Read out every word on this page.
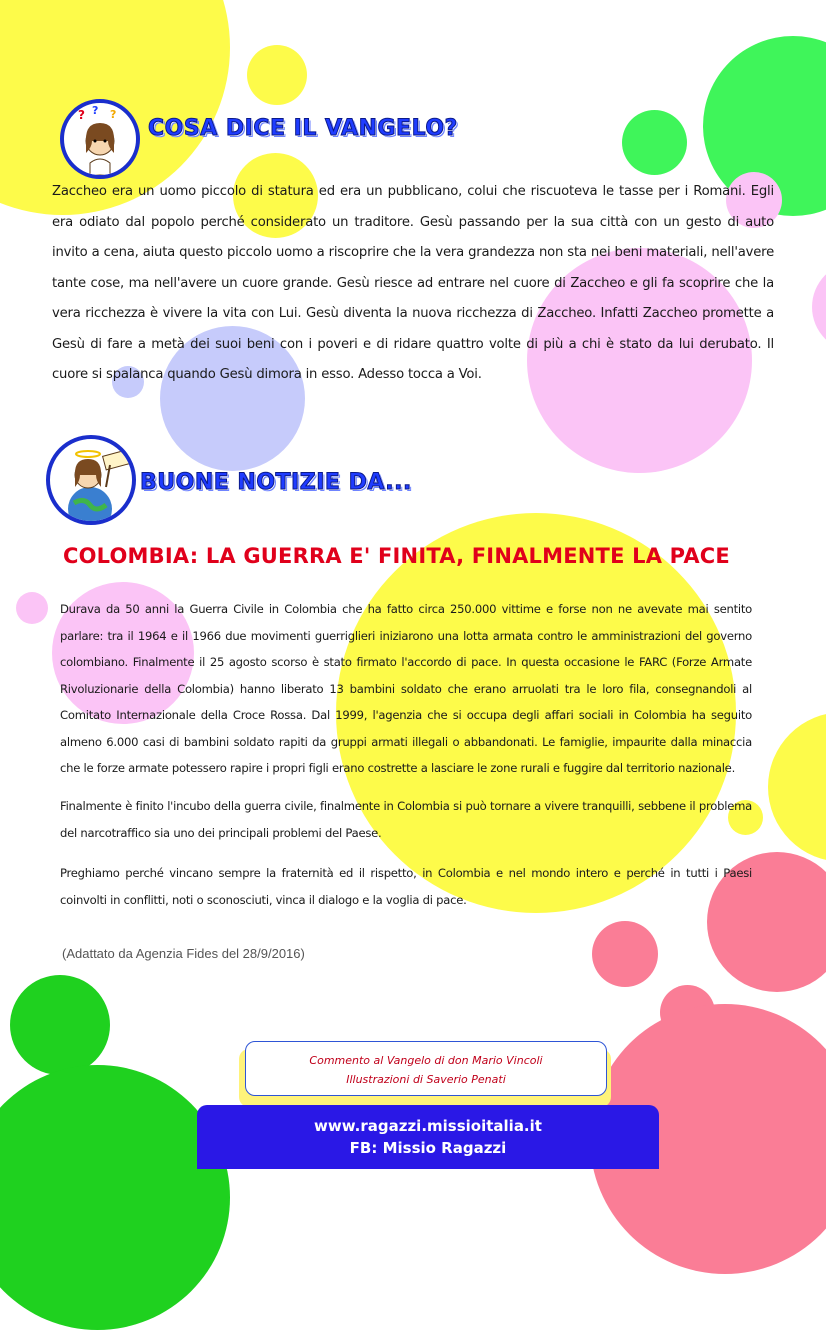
? ? ?
COSA DICE IL VANGELO?
Zaccheo era un uomo piccolo di statura ed era un pubblicano, colui che riscuoteva le tasse per i Romani. Egli era odiato dal popolo perché considerato un traditore. Gesù passando per la sua città con un gesto di auto invito a cena, aiuta questo piccolo uomo a riscoprire che la vera grandezza non sta nei beni materiali, nell'avere tante cose, ma nell'avere un cuore grande. Gesù riesce ad entrare nel cuore di Zaccheo e gli fa scoprire che la vera ricchezza è vivere la vita con Lui. Gesù diventa la nuova ricchezza di Zaccheo. Infatti Zaccheo promette a Gesù di fare a metà dei suoi beni con i poveri e di ridare quattro volte di più a chi è stato da lui derubato. Il cuore si spalanca quando Gesù dimora in esso. Adesso tocca a Voi.
BUONE NOTIZIE DA...
COLOMBIA: LA GUERRA E' FINITA, FINALMENTE LA PACE
Durava da 50 anni la Guerra Civile in Colombia che ha fatto circa 250.000 vittime e forse non ne avevate mai sentito parlare: tra il 1964 e il 1966 due movimenti guerriglieri iniziarono una lotta armata contro le amministrazioni del governo colombiano. Finalmente il 25 agosto scorso è stato firmato l'accordo di pace. In questa occasione le FARC (Forze Armate Rivoluzionarie della Colombia) hanno liberato 13 bambini soldato che erano arruolati tra le loro fila, consegnandoli al Comitato Internazionale della Croce Rossa. Dal 1999, l'agenzia che si occupa degli affari sociali in Colombia ha seguito almeno 6.000 casi di bambini soldato rapiti da gruppi armati illegali o abbandonati. Le famiglie, impaurite dalla minaccia che le forze armate potessero rapire i propri figli erano costrette a lasciare le zone rurali e fuggire dal territorio nazionale.
Finalmente è finito l'incubo della guerra civile, finalmente in Colombia si può tornare a vivere tranquilli, sebbene il problema del narcotraffico sia uno dei principali problemi del Paese.
Preghiamo perché vincano sempre la fraternità ed il rispetto, in Colombia e nel mondo intero e perché in tutti i Paesi coinvolti in conflitti, noti o sconosciuti, vinca il dialogo e la voglia di pace.
(Adattato da Agenzia Fides del 28/9/2016)
Commento al Vangelo di don Mario Vincoli
Illustrazioni di Saverio Penati
www.ragazzi.missioitalia.it
FB: Missio Ragazzi
